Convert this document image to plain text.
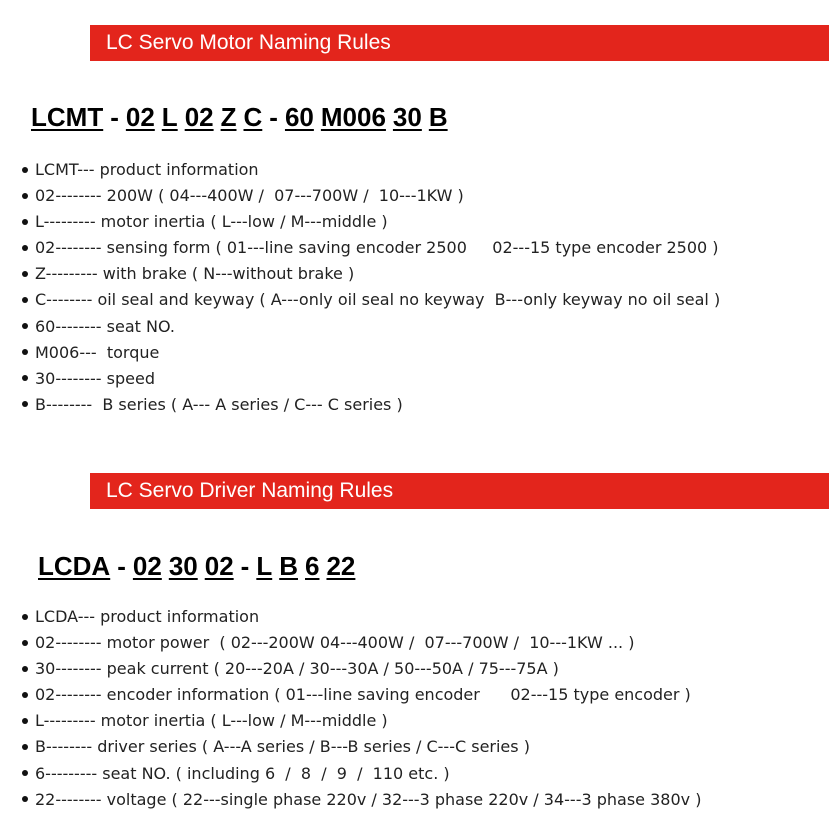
LC Servo Motor Naming Rules
LCMT - 02 L 02 Z C - 60 M006 30 B
LCMT--- product information
02-------- 200W ( 04---400W /  07---700W /  10---1KW )
L--------- motor inertia ( L---low / M---middle )
02-------- sensing form ( 01---line saving encoder 2500     02---15 type encoder 2500 )
Z--------- with brake ( N---without brake )
C-------- oil seal and keyway ( A---only oil seal no keyway  B---only keyway no oil seal )
60-------- seat NO.
M006---  torque
30-------- speed
B--------  B series ( A--- A series / C--- C series )
LC Servo Driver Naming Rules
LCDA - 02 30 02 - L B 6 22
LCDA--- product information
02-------- motor power  ( 02---200W 04---400W /  07---700W /  10---1KW ... )
30-------- peak current ( 20---20A / 30---30A / 50---50A / 75---75A )
02-------- encoder information ( 01---line saving encoder      02---15 type encoder )
L--------- motor inertia ( L---low / M---middle )
B-------- driver series ( A---A series / B---B series / C---C series )
6--------- seat NO. ( including 6  /  8  /  9  /  110 etc. )
22-------- voltage ( 22---single phase 220v / 32---3 phase 220v / 34---3 phase 380v )
